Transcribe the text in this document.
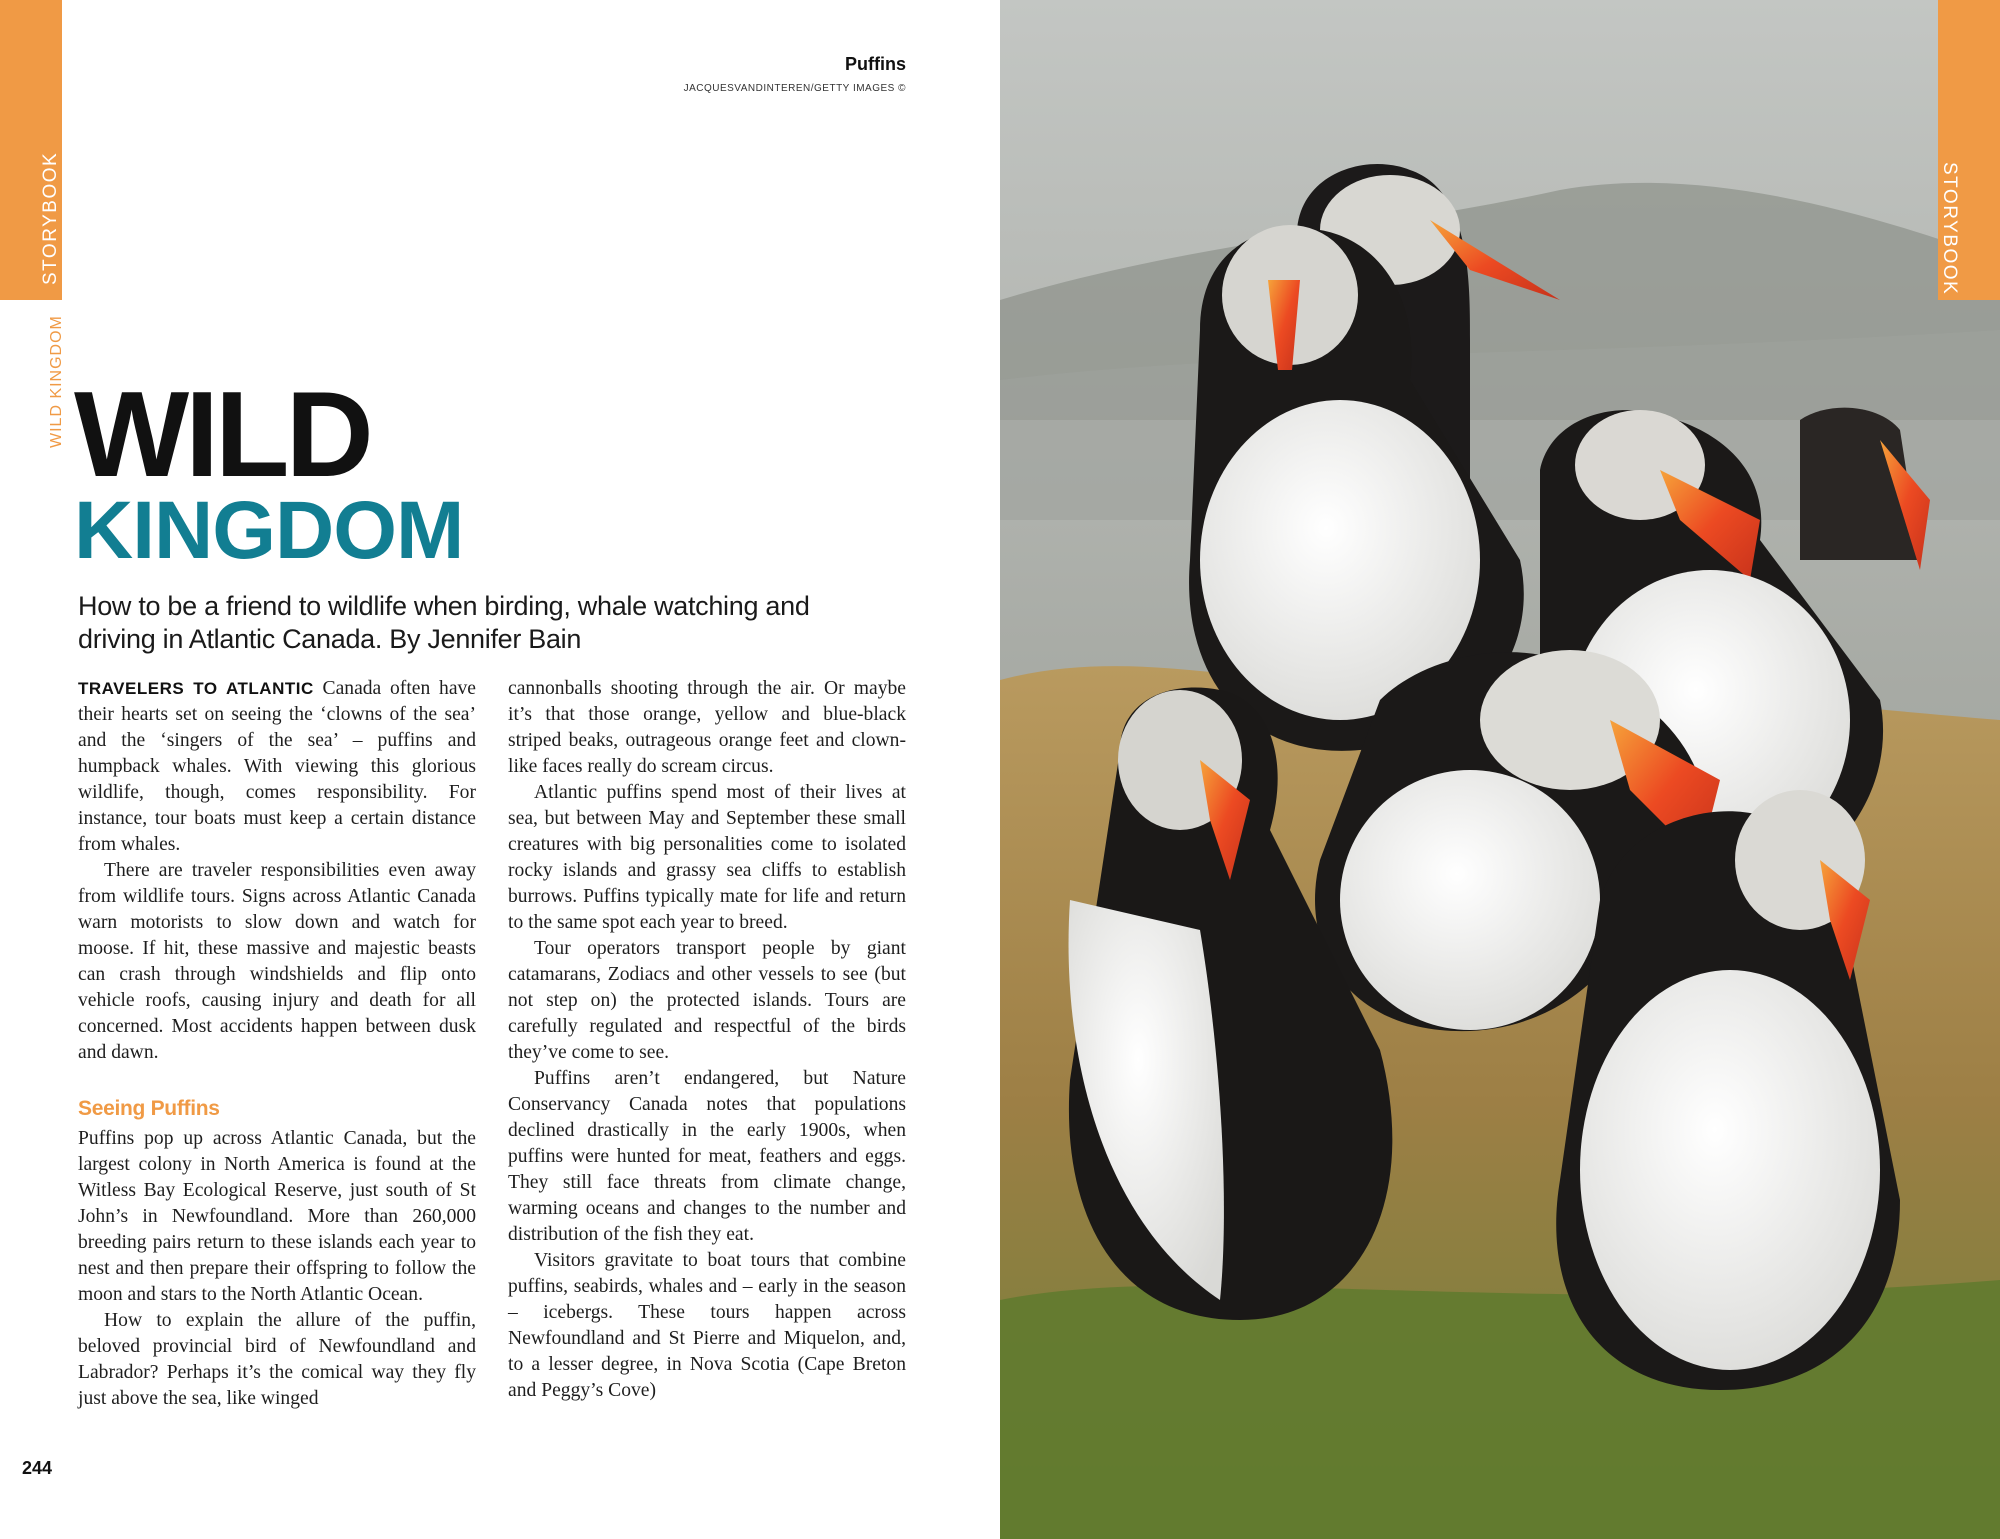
STORYBOOK
WILD KINGDOM
Puffins
JACQUESVANDINTEREN/GETTY IMAGES ©
WILD
KINGDOM

How to be a friend to wildlife when birding, whale watching and driving in Atlantic Canada. By Jennifer Bain

TRAVELERS TO ATLANTIC Canada often have their hearts set on seeing the ‘clowns of the sea’ and the ‘singers of the sea’ – puffins and humpback whales. With viewing this glorious wildlife, though, comes responsibility. For instance, tour boats must keep a certain distance from whales.

There are traveler responsibilities even away from wildlife tours. Signs across Atlantic Canada warn motorists to slow down and watch for moose. If hit, these massive and majestic beasts can crash through windshields and flip onto vehicle roofs, causing injury and death for all concerned. Most accidents happen between dusk and dawn.

Seeing Puffins

Puffins pop up across Atlantic Canada, but the largest colony in North America is found at the Witless Bay Ecological Reserve, just south of St John’s in Newfoundland. More than 260,000 breeding pairs return to these islands each year to nest and then prepare their offspring to follow the moon and stars to the North Atlantic Ocean.

How to explain the allure of the puffin, beloved provincial bird of Newfoundland and Labrador? Perhaps it’s the comical way they fly just above the sea, like winged

cannonballs shooting through the air. Or maybe it’s that those orange, yellow and blue-black striped beaks, outrageous orange feet and clown-like faces really do scream circus.

Atlantic puffins spend most of their lives at sea, but between May and September these small creatures with big personalities come to isolated rocky islands and grassy sea cliffs to establish burrows. Puffins typically mate for life and return to the same spot each year to breed.

Tour operators transport people by giant catamarans, Zodiacs and other vessels to see (but not step on) the protected islands. Tours are carefully regulated and respectful of the birds they’ve come to see.

Puffins aren’t endangered, but Nature Conservancy Canada notes that populations declined drastically in the early 1900s, when puffins were hunted for meat, feathers and eggs. They still face threats from climate change, warming oceans and changes to the number and distribution of the fish they eat.

Visitors gravitate to boat tours that combine puffins, seabirds, whales and – early in the season – icebergs. These tours happen across Newfoundland and St Pierre and Miquelon, and, to a lesser degree, in Nova Scotia (Cape Breton and Peggy’s Cove)

244
STORYBOOK
